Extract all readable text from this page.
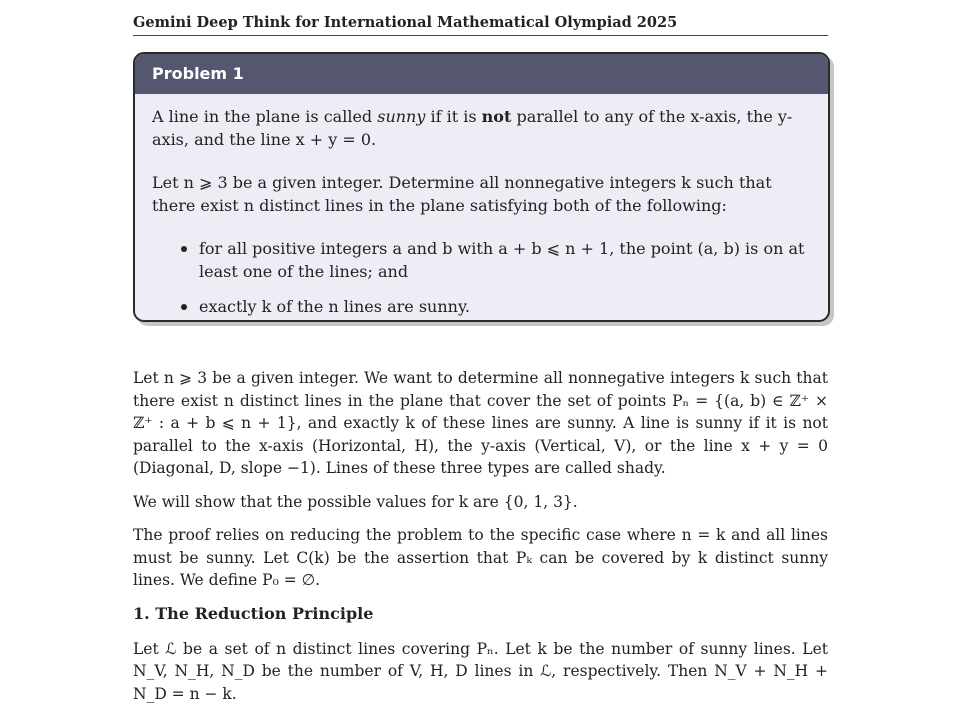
Gemini Deep Think for International Mathematical Olympiad 2025
Problem 1

A line in the plane is called sunny if it is not parallel to any of the x-axis, the y-axis, and the line x + y = 0.

Let n ⩾ 3 be a given integer. Determine all nonnegative integers k such that there exist n distinct lines in the plane satisfying both of the following:

for all positive integers a and b with a + b ⩽ n + 1, the point (a, b) is on at least one of the lines; and
exactly k of the n lines are sunny.

Let n ⩾ 3 be a given integer. We want to determine all nonnegative integers k such that there exist n distinct lines in the plane that cover the set of points Pₙ = {(a, b) ∈ ℤ⁺ × ℤ⁺ : a + b ⩽ n + 1}, and exactly k of these lines are sunny. A line is sunny if it is not parallel to the x-axis (Horizontal, H), the y-axis (Vertical, V), or the line x + y = 0 (Diagonal, D, slope −1). Lines of these three types are called shady.

We will show that the possible values for k are {0, 1, 3}.

The proof relies on reducing the problem to the specific case where n = k and all lines must be sunny. Let C(k) be the assertion that Pₖ can be covered by k distinct sunny lines. We define P₀ = ∅.

1. The Reduction Principle

Let ℒ be a set of n distinct lines covering Pₙ. Let k be the number of sunny lines. Let N_V, N_H, N_D be the number of V, H, D lines in ℒ, respectively. Then N_V + N_H + N_D = n − k.
